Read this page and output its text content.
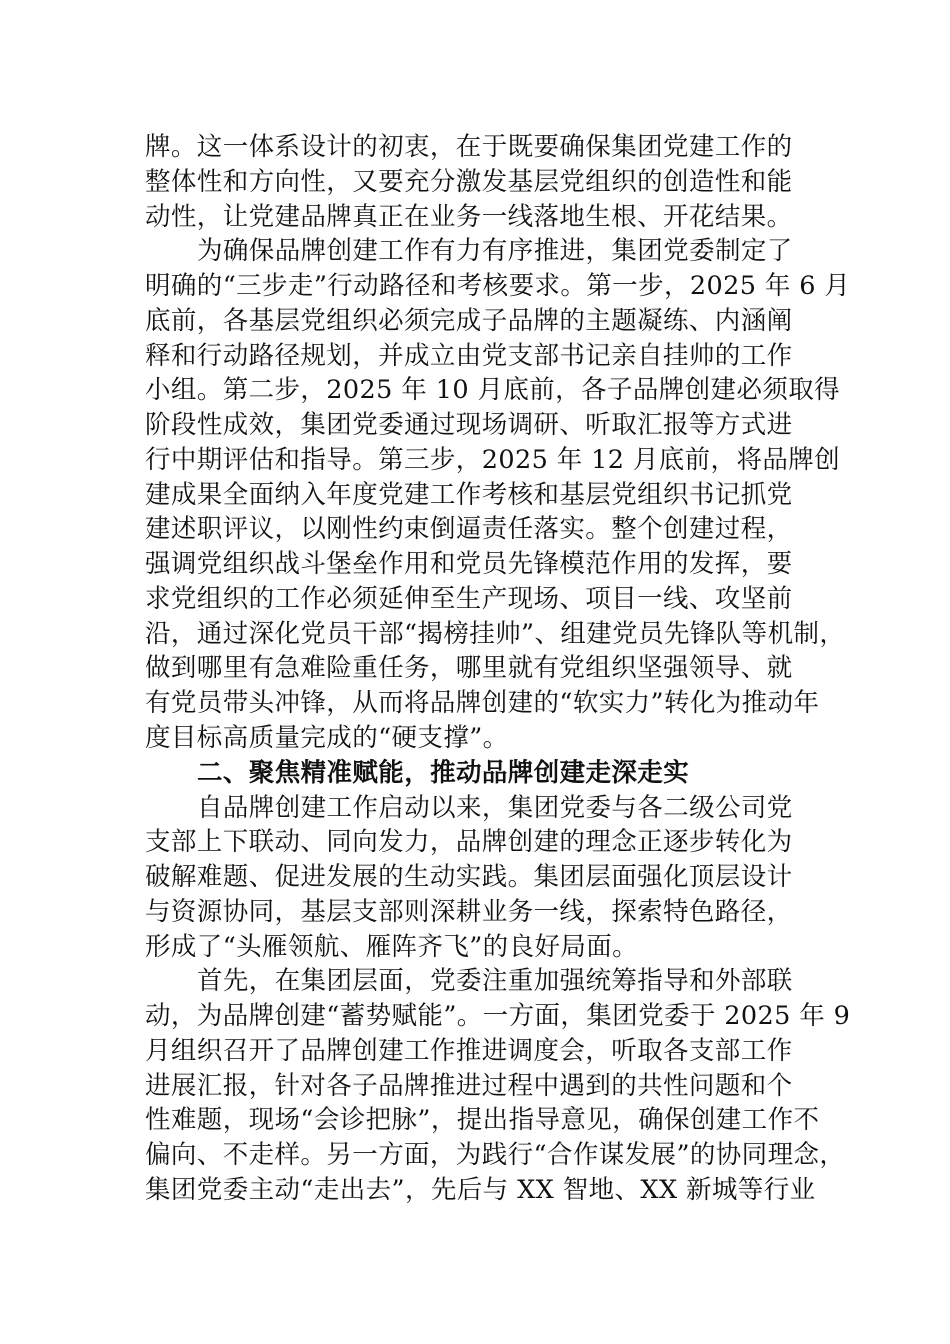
牌。这一体系设计的初衷，在于既要确保集团党建工作的
整体性和方向性，又要充分激发基层党组织的创造性和能
动性，让党建品牌真正在业务一线落地生根、开花结果。
为确保品牌创建工作有力有序推进，集团党委制定了
明确的“三步走”行动路径和考核要求。第一步，2025 年 6 月
底前，各基层党组织必须完成子品牌的主题凝练、内涵阐
释和行动路径规划，并成立由党支部书记亲自挂帅的工作
小组。第二步，2025 年 10 月底前，各子品牌创建必须取得
阶段性成效，集团党委通过现场调研、听取汇报等方式进
行中期评估和指导。第三步，2025 年 12 月底前，将品牌创
建成果全面纳入年度党建工作考核和基层党组织书记抓党
建述职评议，以刚性约束倒逼责任落实。整个创建过程，
强调党组织战斗堡垒作用和党员先锋模范作用的发挥，要
求党组织的工作必须延伸至生产现场、项目一线、攻坚前
沿，通过深化党员干部“揭榜挂帅”、组建党员先锋队等机制，
做到哪里有急难险重任务，哪里就有党组织坚强领导、就
有党员带头冲锋，从而将品牌创建的“软实力”转化为推动年
度目标高质量完成的“硬支撑”。
二、聚焦精准赋能，推动品牌创建走深走实
自品牌创建工作启动以来，集团党委与各二级公司党
支部上下联动、同向发力，品牌创建的理念正逐步转化为
破解难题、促进发展的生动实践。集团层面强化顶层设计
与资源协同，基层支部则深耕业务一线，探索特色路径，
形成了“头雁领航、雁阵齐飞”的良好局面。
首先，在集团层面，党委注重加强统筹指导和外部联
动，为品牌创建“蓄势赋能”。一方面，集团党委于 2025 年 9
月组织召开了品牌创建工作推进调度会，听取各支部工作
进展汇报，针对各子品牌推进过程中遇到的共性问题和个
性难题，现场“会诊把脉”，提出指导意见，确保创建工作不
偏向、不走样。另一方面，为践行“合作谋发展”的协同理念，
集团党委主动“走出去”，先后与 XX 智地、XX 新城等行业
